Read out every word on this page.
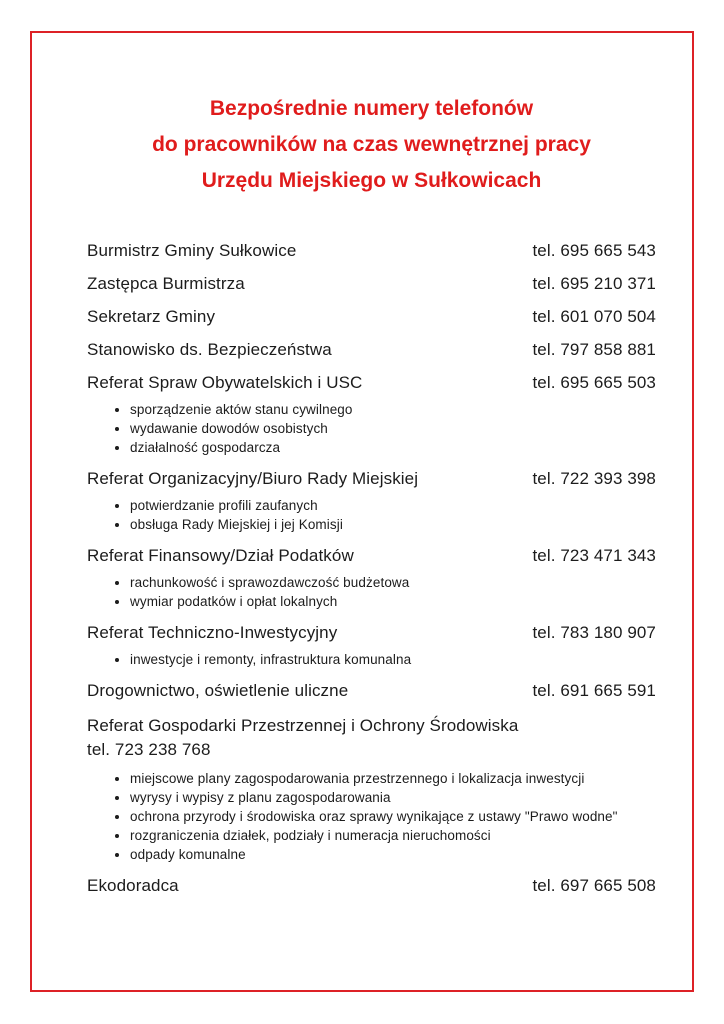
Bezpośrednie numery telefonów
do pracowników na czas wewnętrznej pracy
Urzędu Miejskiego w Sułkowicach
Burmistrz Gminy Sułkowice	tel. 695 665 543
Zastępca Burmistrza	tel. 695 210 371
Sekretarz Gminy	tel. 601 070 504
Stanowisko ds. Bezpieczeństwa	tel. 797 858 881
Referat Spraw Obywatelskich i USC	tel. 695 665 503
• sporządzenie aktów stanu cywilnego
• wydawanie dowodów osobistych
• działalność gospodarcza
Referat Organizacyjny/Biuro Rady Miejskiej	tel. 722 393 398
• potwierdzanie profili zaufanych
• obsługa Rady Miejskiej i jej Komisji
Referat Finansowy/Dział Podatków	tel. 723 471 343
• rachunkowość i sprawozdawczość budżetowa
• wymiar podatków i opłat lokalnych
Referat Techniczno-Inwestycyjny	tel. 783 180 907
• inwestycje i remonty, infrastruktura komunalna
Drogownictwo, oświetlenie uliczne	tel. 691 665 591
Referat Gospodarki Przestrzennej i Ochrony Środowiska
tel. 723 238 768
• miejscowe plany zagospodarowania przestrzennego i lokalizacja inwestycji
• wyrysy i wypisy z planu zagospodarowania
• ochrona przyrody i środowiska oraz sprawy wynikające z ustawy "Prawo wodne"
• rozgraniczenia działek, podziały i numeracja nieruchomości
• odpady komunalne
Ekodoradca	tel. 697 665 508
